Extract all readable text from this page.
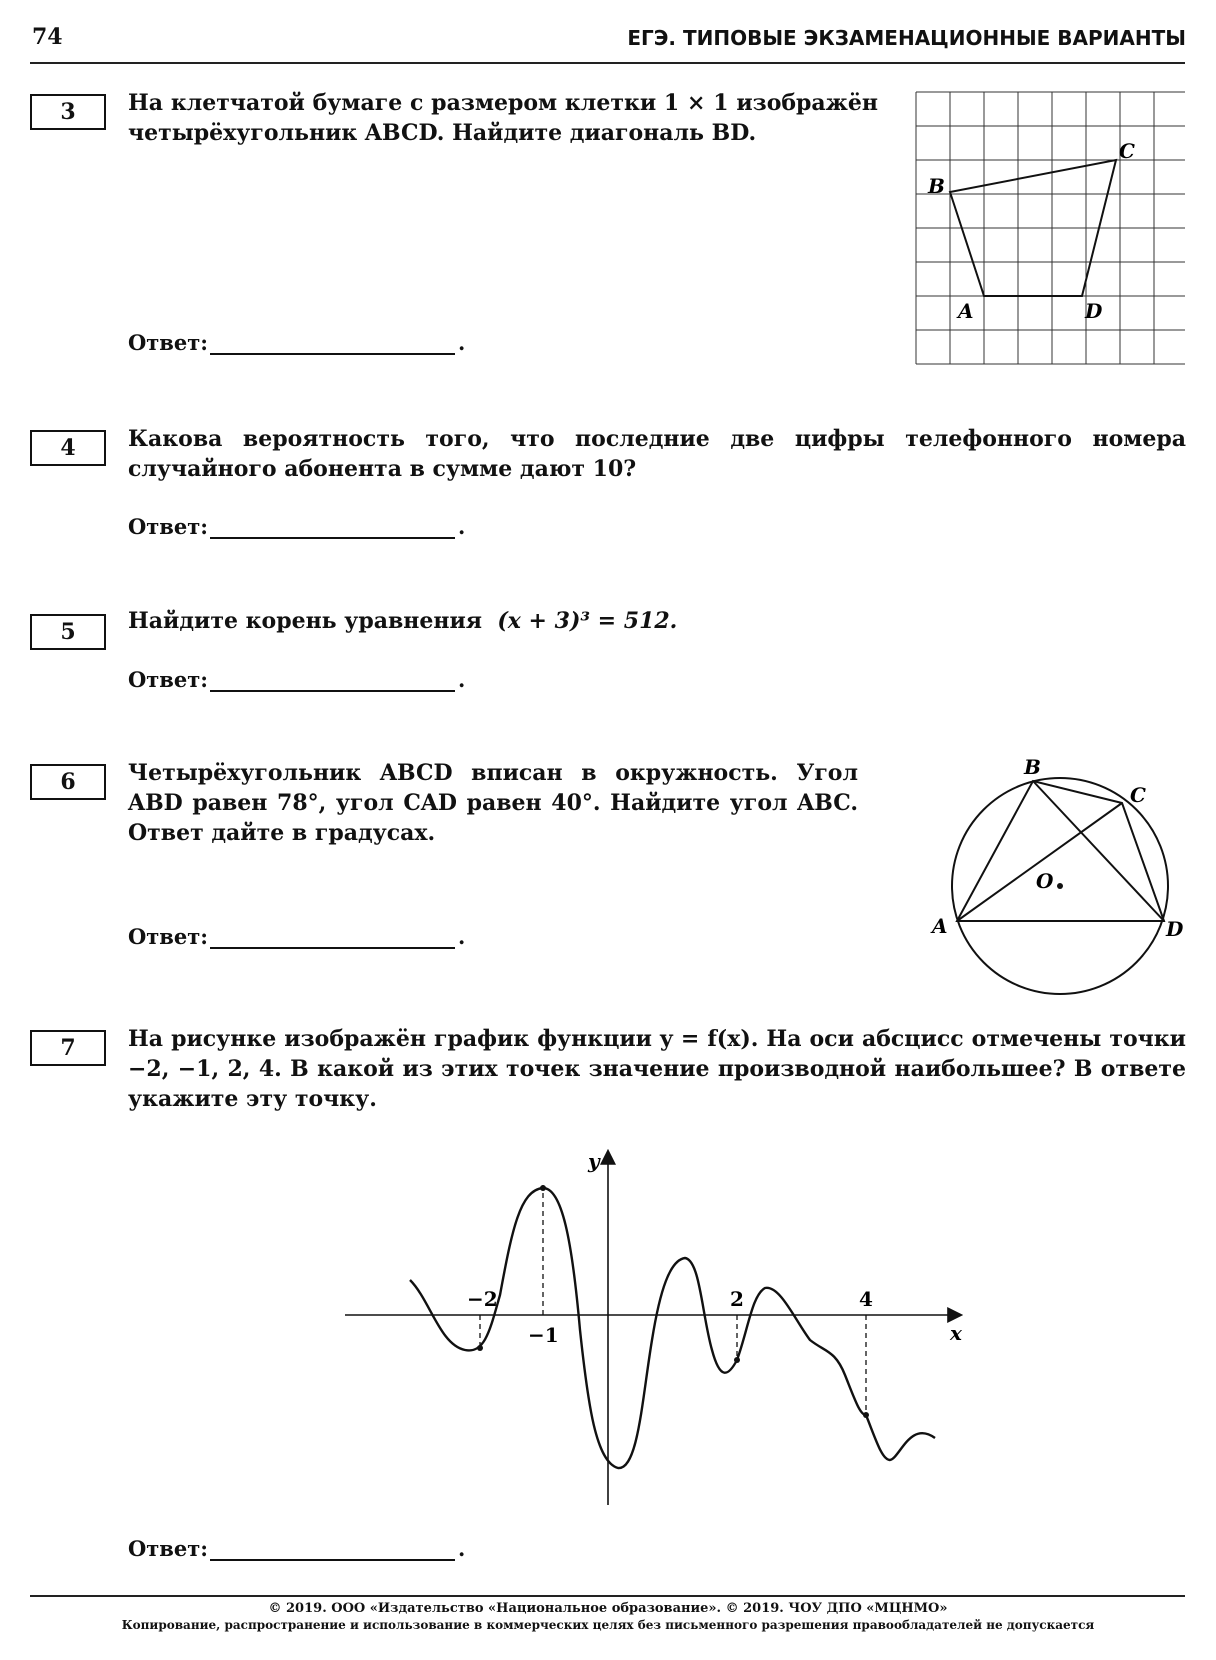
74	ЕГЭ. ТИПОВЫЕ ЭКЗАМЕНАЦИОННЫЕ ВАРИАНТЫ
3	На клетчатой бумаге с размером клетки 1 × 1 изображён четырёхугольник ABCD. Найдите диагональ BD.
Ответ:	.
B
C
A	D
4	Какова вероятность того, что последние две цифры телефонного номера случайного абонента в сумме дают 10?
Ответ:	.
5	Найдите корень уравнения (x + 3)³ = 512.
Ответ:	.
6	Четырёхугольник ABCD вписан в окружность. Угол ABD равен 78°, угол CAD равен 40°. Найдите угол ABC. Ответ дайте в градусах.
Ответ:	.
B
C
A	D
O
7	На рисунке изображён график функции y = f(x). На оси абсцисс отмечены точки −2, −1, 2, 4. В какой из этих точек значение производной наибольшее? В ответе укажите эту точку.
x
y
−2
−1
2	4
Ответ:	.
© 2019. ООО «Издательство «Национальное образование». © 2019. ЧОУ ДПО «МЦНМО»
Копирование, распространение и использование в коммерческих целях без письменного разрешения правообладателей не допускается
